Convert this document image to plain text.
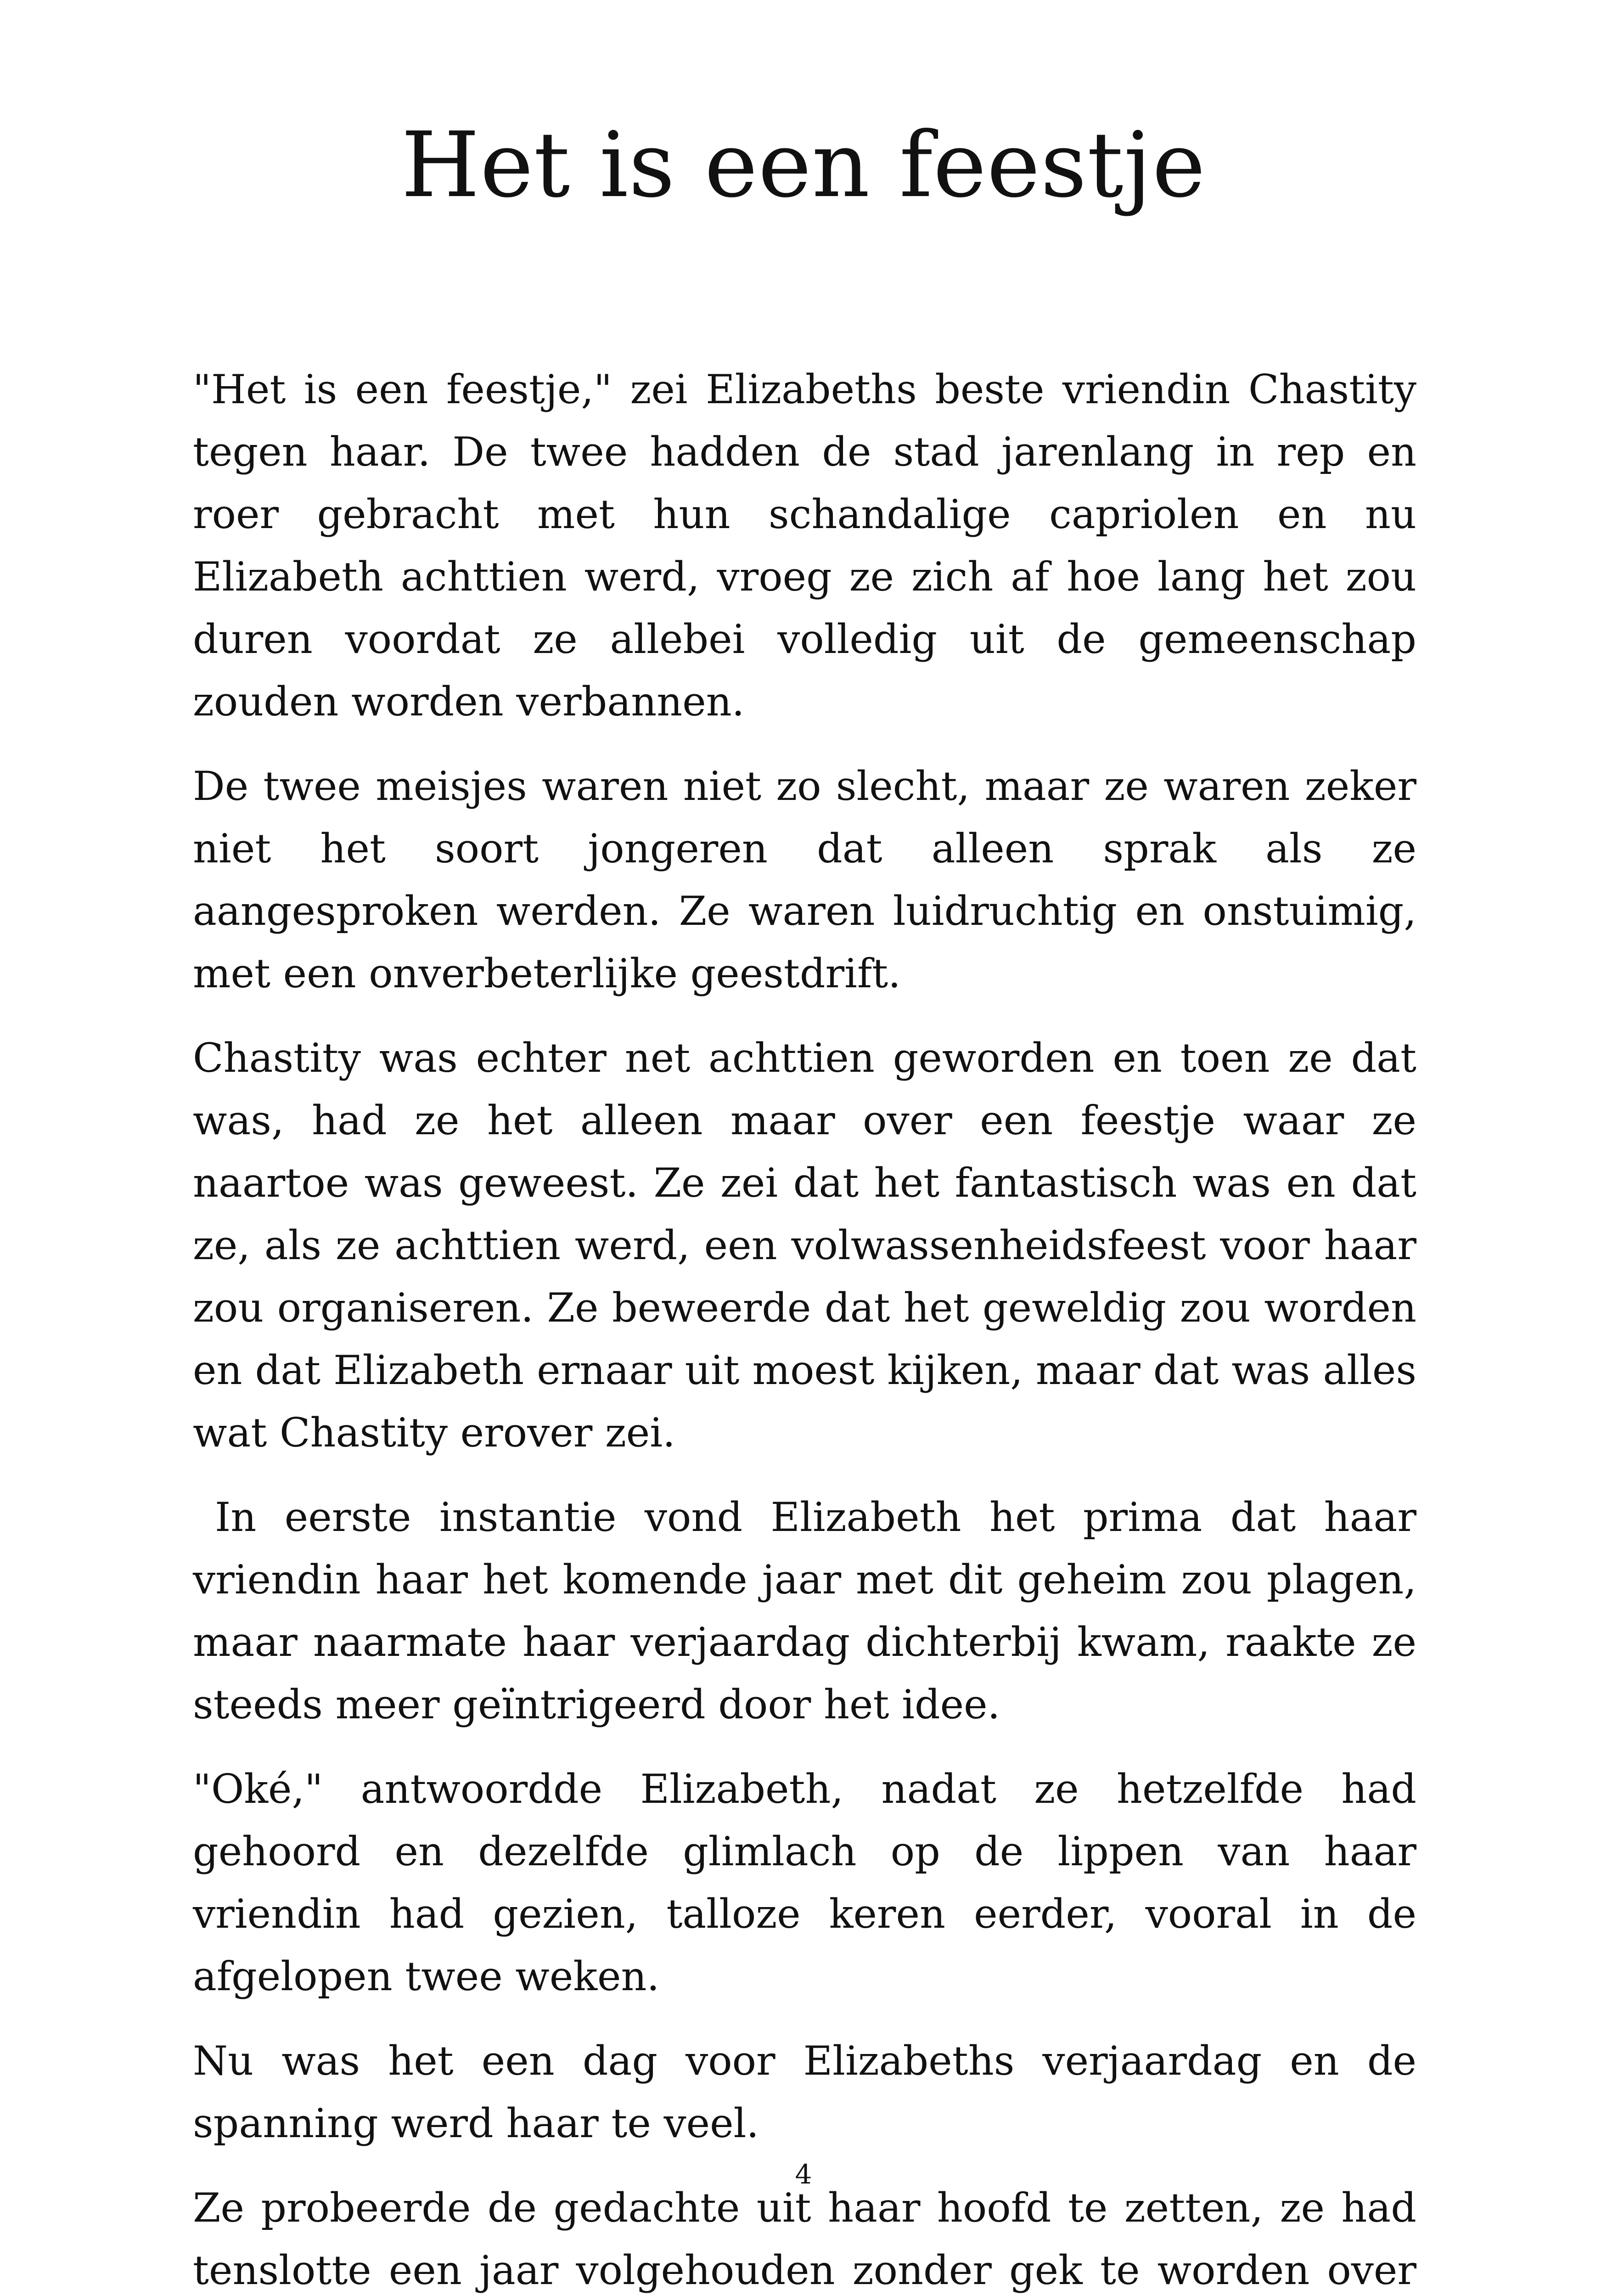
Het is een feestje

"Het is een feestje," zei Elizabeths beste vriendin Chastity tegen haar. De twee hadden de stad jarenlang in rep en roer gebracht met hun schandalige capriolen en nu Elizabeth achttien werd, vroeg ze zich af hoe lang het zou duren voordat ze allebei volledig uit de gemeenschap zouden worden verbannen.

De twee meisjes waren niet zo slecht, maar ze waren zeker niet het soort jongeren dat alleen sprak als ze aangesproken werden. Ze waren luidruchtig en onstuimig, met een onverbeterlijke geestdrift.

Chastity was echter net achttien geworden en toen ze dat was, had ze het alleen maar over een feestje waar ze naartoe was geweest. Ze zei dat het fantastisch was en dat ze, als ze achttien werd, een volwassenheidsfeest voor haar zou organiseren. Ze beweerde dat het geweldig zou worden en dat Elizabeth ernaar uit moest kijken, maar dat was alles wat Chastity erover zei.

In eerste instantie vond Elizabeth het prima dat haar vriendin haar het komende jaar met dit geheim zou plagen, maar naarmate haar verjaardag dichterbij kwam, raakte ze steeds meer geïntrigeerd door het idee.

"Oké," antwoordde Elizabeth, nadat ze hetzelfde had gehoord en dezelfde glimlach op de lippen van haar vriendin had gezien, talloze keren eerder, vooral in de afgelopen twee weken.

Nu was het een dag voor Elizabeths verjaardag en de spanning werd haar te veel.

Ze probeerde de gedachte uit haar hoofd te zetten, ze had tenslotte een jaar volgehouden zonder gek te worden over

4
